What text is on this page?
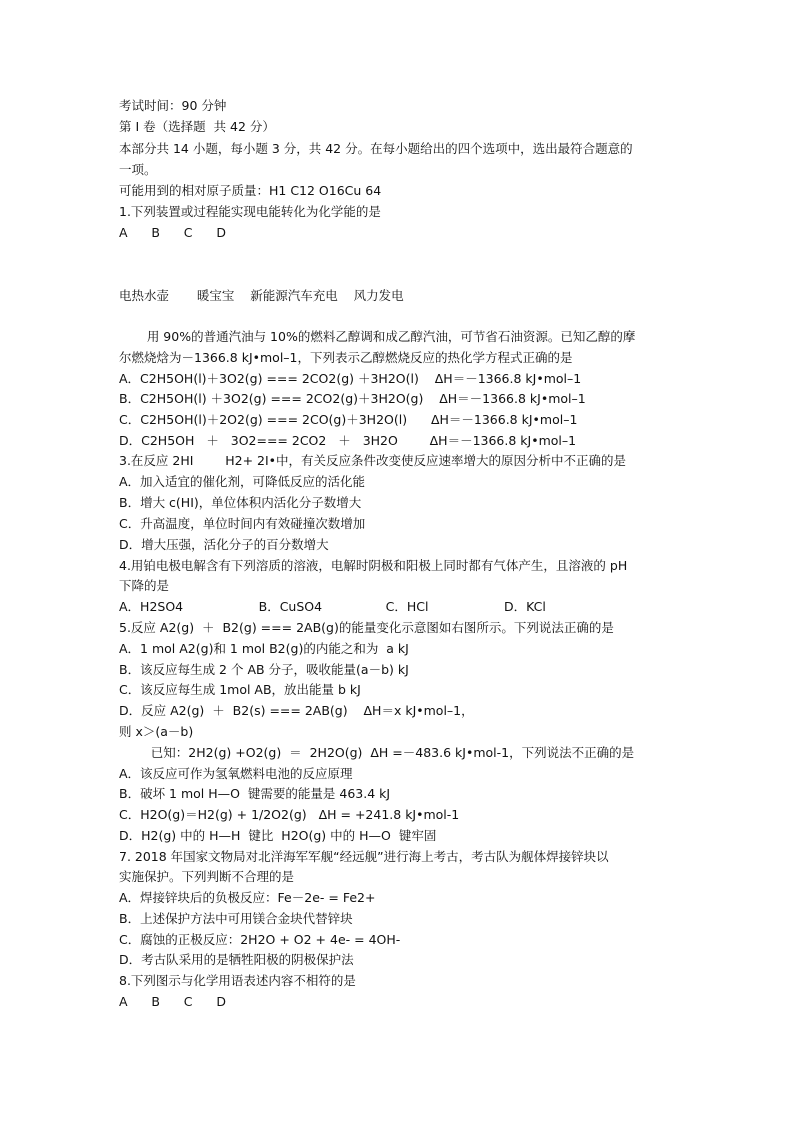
考试时间：90 分钟
第 I 卷（选择题  共 42 分）
本部分共 14 小题，每小题 3 分，共 42 分。在每小题给出的四个选项中，选出最符合题意的
一项。
可能用到的相对原子质量：H1 C12 O16Cu 64
1.下列装置或过程能实现电能转化为化学能的是
A      B      C      D
电热水壶       暖宝宝    新能源汽车充电    风力发电
用 90%的普通汽油与 10%的燃料乙醇调和成乙醇汽油，可节省石油资源。已知乙醇的摩
尔燃烧焓为－1366.8 kJ•mol–1，下列表示乙醇燃烧反应的热化学方程式正确的是
A．C2H5OH(l)＋3O2(g) === 2CO2(g) ＋3H2O(l)    ΔH＝－1366.8 kJ•mol–1
B．C2H5OH(l) ＋3O2(g) === 2CO2(g)＋3H2O(g)    ΔH＝－1366.8 kJ•mol–1
C．C2H5OH(l)＋2O2(g) === 2CO(g)＋3H2O(l)      ΔH＝－1366.8 kJ•mol–1
D．C2H5OH   ＋   3O2=== 2CO2   ＋   3H2O        ΔH＝－1366.8 kJ•mol–1
3.在反应 2HI        H2+ 2I•中，有关反应条件改变使反应速率增大的原因分析中不正确的是
A．加入适宜的催化剂，可降低反应的活化能
B．增大 c(HI)，单位体积内活化分子数增大
C．升高温度，单位时间内有效碰撞次数增加
D．增大压强，活化分子的百分数增大
4.用铂电极电解含有下列溶质的溶液，电解时阴极和阳极上同时都有气体产生，且溶液的 pH
下降的是
A．H2SO4                   B．CuSO4                C．HCl                   D．KCl
5.反应 A2(g)  ＋  B2(g) === 2AB(g)的能量变化示意图如右图所示。下列说法正确的是
A．1 mol A2(g)和 1 mol B2(g)的内能之和为  a kJ
B．该反应每生成 2 个 AB 分子，吸收能量(a－b) kJ
C．该反应每生成 1mol AB，放出能量 b kJ
D．反应 A2(g)  ＋  B2(s) === 2AB(g)    ΔH＝x kJ•mol–1，
则 x＞(a－b)
已知：2H2(g) +O2(g)  ＝  2H2O(g)  ΔH =－483.6 kJ•mol-1，下列说法不正确的是
A．该反应可作为氢氧燃料电池的反应原理
B．破坏 1 mol H—O  键需要的能量是 463.4 kJ
C．H2O(g)＝H2(g) + 1/2O2(g)   ΔH = +241.8 kJ•mol-1
D．H2(g) 中的 H—H  键比  H2O(g) 中的 H—O  键牢固
7. 2018 年国家文物局对北洋海军军舰“经远舰”进行海上考古，考古队为舰体焊接锌块以
实施保护。下列判断不合理的是
A．焊接锌块后的负极反应：Fe－2e- = Fe2+
B．上述保护方法中可用镁合金块代替锌块
C．腐蚀的正极反应：2H2O + O2 + 4e- = 4OH-
D．考古队采用的是牺牲阳极的阴极保护法
8.下列图示与化学用语表述内容不相符的是
A      B      C      D
